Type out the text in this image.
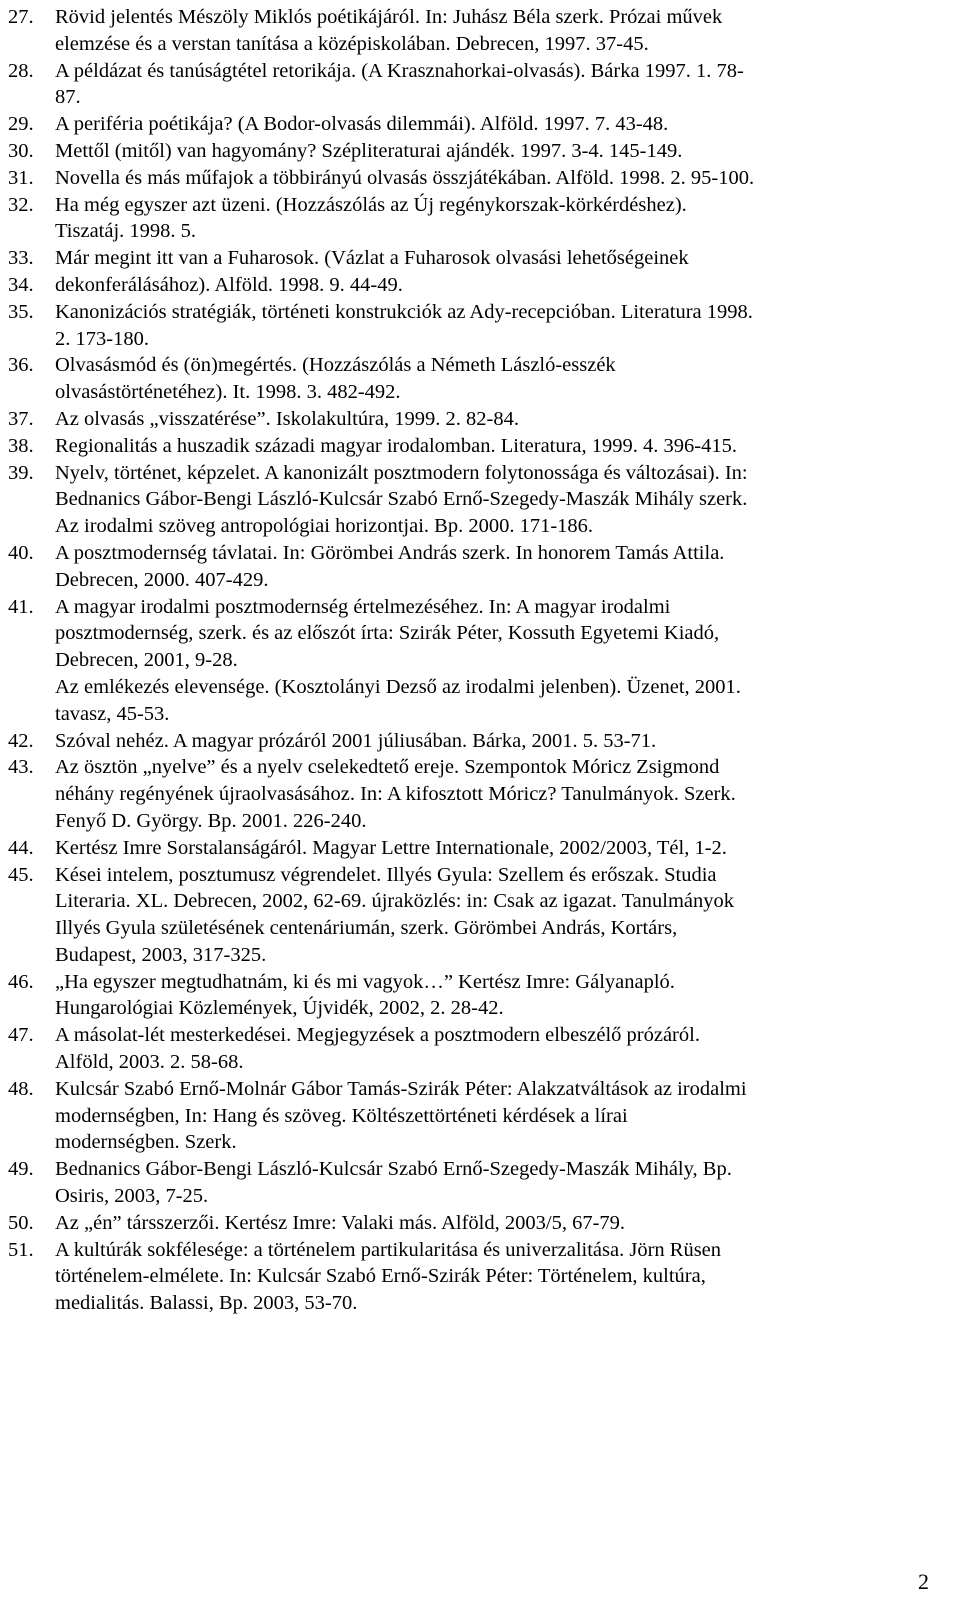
27.	Rövid jelentés Mészöly Miklós poétikájáról. In: Juhász Béla szerk. Prózai művek
elemzése és a verstan tanítása a középiskolában. Debrecen, 1997. 37-45.
28.	A példázat és tanúságtétel retorikája. (A Krasznahorkai-olvasás). Bárka 1997. 1. 78-
87.
29.	A periféria poétikája? (A Bodor-olvasás dilemmái). Alföld. 1997. 7. 43-48.
30.	Mettől (mitől) van hagyomány? Szépliteraturai ajándék. 1997. 3-4. 145-149.
31.	Novella és más műfajok a többirányú olvasás összjátékában. Alföld. 1998. 2. 95-100.
32.	Ha még egyszer azt üzeni. (Hozzászólás az Új regénykorszak-körkérdéshez).
Tiszatáj. 1998. 5.
33.	Már megint itt van a Fuharosok. (Vázlat a Fuharosok olvasási lehetőségeinek
34.	dekonferálásához). Alföld. 1998. 9. 44-49.
35.	Kanonizációs stratégiák, történeti konstrukciók az Ady-recepcióban. Literatura 1998.
2. 173-180.
36.	Olvasásmód és (ön)megértés. (Hozzászólás a Németh László-esszék
olvasástörténetéhez). It. 1998. 3. 482-492.
37.	Az olvasás „visszatérése”. Iskolakultúra, 1999. 2. 82-84.
38.	Regionalitás a huszadik századi magyar irodalomban. Literatura, 1999. 4. 396-415.
39.	Nyelv, történet, képzelet. A kanonizált posztmodern folytonossága és változásai). In:
Bednanics Gábor-Bengi László-Kulcsár Szabó Ernő-Szegedy-Maszák Mihály szerk.
Az irodalmi szöveg antropológiai horizontjai. Bp. 2000. 171-186.
40.	A posztmodernség távlatai. In: Görömbei András szerk. In honorem Tamás Attila.
Debrecen, 2000. 407-429.
41.	A magyar irodalmi posztmodernség értelmezéséhez. In: A magyar irodalmi
posztmodernség, szerk. és az előszót írta: Szirák Péter, Kossuth Egyetemi Kiadó,
Debrecen, 2001, 9-28.
Az emlékezés elevensége. (Kosztolányi Dezső az irodalmi jelenben). Üzenet, 2001.
tavasz, 45-53.
42.	Szóval nehéz. A magyar prózáról 2001 júliusában. Bárka, 2001. 5. 53-71.
43.	Az ösztön „nyelve” és a nyelv cselekedtető ereje. Szempontok Móricz Zsigmond
néhány regényének újraolvasásához. In: A kifosztott Móricz? Tanulmányok. Szerk.
Fenyő D. György. Bp. 2001. 226-240.
44.	Kertész Imre Sorstalanságáról. Magyar Lettre Internationale, 2002/2003, Tél, 1-2.
45.	Kései intelem, posztumusz végrendelet. Illyés Gyula: Szellem és erőszak. Studia
Literaria. XL. Debrecen, 2002, 62-69. újraközlés: in: Csak az igazat. Tanulmányok
Illyés Gyula születésének centenáriumán, szerk. Görömbei András, Kortárs,
Budapest, 2003, 317-325.
46.	„Ha egyszer megtudhatnám, ki és mi vagyok…” Kertész Imre: Gályanapló.
Hungarológiai Közlemények, Újvidék, 2002, 2. 28-42.
47.	A másolat-lét mesterkedései. Megjegyzések a posztmodern elbeszélő prózáról.
Alföld, 2003. 2. 58-68.
48.	Kulcsár Szabó Ernő-Molnár Gábor Tamás-Szirák Péter: Alakzatváltások az irodalmi
modernségben, In: Hang és szöveg. Költészettörténeti kérdések a lírai
modernségben. Szerk.
49.	Bednanics Gábor-Bengi László-Kulcsár Szabó Ernő-Szegedy-Maszák Mihály, Bp.
Osiris, 2003, 7-25.
50.	Az „én” társszerzői. Kertész Imre: Valaki más. Alföld, 2003/5, 67-79.
51.	A kultúrák sokfélesége: a történelem partikularitása és univerzalitása. Jörn Rüsen
történelem-elmélete. In: Kulcsár Szabó Ernő-Szirák Péter: Történelem, kultúra,
medialitás. Balassi, Bp. 2003, 53-70.
2
